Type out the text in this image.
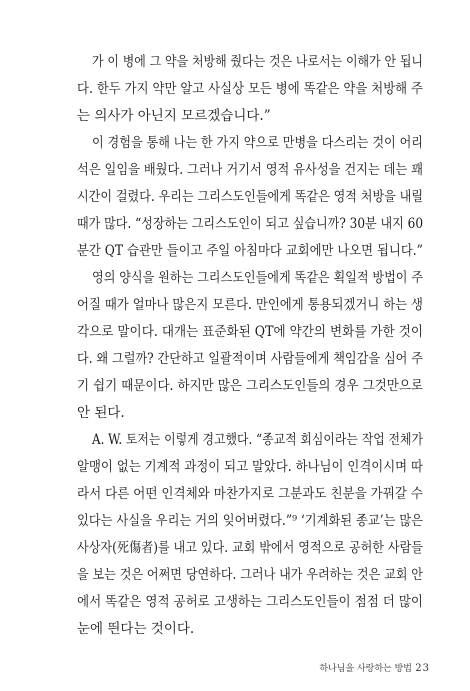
가 이 병에 그 약을 처방해 줬다는 것은 나로서는 이해가 안 됩니
다. 한두 가지 약만 알고 사실상 모든 병에 똑같은 약을 처방해 주
는 의사가 아닌지 모르겠습니다.”
이 경험을 통해 나는 한 가지 약으로 만병을 다스리는 것이 어리
석은 일임을 배웠다. 그러나 거기서 영적 유사성을 건지는 데는 꽤
시간이 걸렸다. 우리는 그리스도인들에게 똑같은 영적 처방을 내릴
때가 많다. “성장하는 그리스도인이 되고 싶습니까? 30분 내지 60
분간 QT 습관만 들이고 주일 아침마다 교회에만 나오면 됩니다.”
영의 양식을 원하는 그리스도인들에게 똑같은 획일적 방법이 주
어질 때가 얼마나 많은지 모른다. 만인에게 통용되겠거니 하는 생
각으로 말이다. 대개는 표준화된 QT에 약간의 변화를 가한 것이
다. 왜 그럴까? 간단하고 일괄적이며 사람들에게 책임감을 심어 주
기 쉽기 때문이다. 하지만 많은 그리스도인들의 경우 그것만으로
안 된다.
A. W. 토저는 이렇게 경고했다. “종교적 회심이라는 작업 전체가
알맹이 없는 기계적 과정이 되고 말았다. 하나님이 인격이시며 따
라서 다른 어떤 인격체와 마찬가지로 그분과도 친분을 가꿔갈 수
있다는 사실을 우리는 거의 잊어버렸다.”⁹ ‘기계화된 종교’는 많은
사상자(死傷者)를 내고 있다. 교회 밖에서 영적으로 공허한 사람들
을 보는 것은 어쩌면 당연하다. 그러나 내가 우려하는 것은 교회 안
에서 똑같은 영적 공허로 고생하는 그리스도인들이 점점 더 많이
눈에 띈다는 것이다.
하나님을 사랑하는 방법 23
